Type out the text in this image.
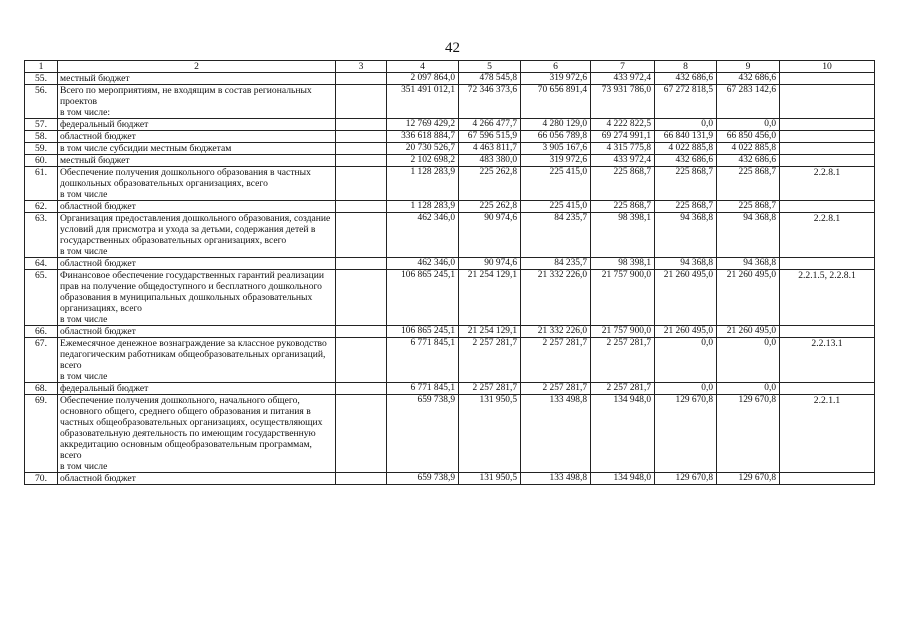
42
1	2	3	4	5	6	7	8	9	10
55.	местный бюджет		2 097 864,0	478 545,8	319 972,6	433 972,4	432 686,6	432 686,6	
56.	Всего по мероприятиям, не входящим в состав региональных проектов
в том числе:		351 491 012,1	72 346 373,6	70 656 891,4	73 931 786,0	67 272 818,5	67 283 142,6	
57.	федеральный бюджет		12 769 429,2	4 266 477,7	4 280 129,0	4 222 822,5	0,0	0,0	
58.	областной бюджет		336 618 884,7	67 596 515,9	66 056 789,8	69 274 991,1	66 840 131,9	66 850 456,0	
59.	в том числе субсидии местным бюджетам		20 730 526,7	4 463 811,7	3 905 167,6	4 315 775,8	4 022 885,8	4 022 885,8	
60.	местный бюджет		2 102 698,2	483 380,0	319 972,6	433 972,4	432 686,6	432 686,6	
61.	Обеспечение получения дошкольного образования в частных дошкольных образовательных организациях, всего
в том числе		1 128 283,9	225 262,8	225 415,0	225 868,7	225 868,7	225 868,7	2.2.8.1
62.	областной бюджет		1 128 283,9	225 262,8	225 415,0	225 868,7	225 868,7	225 868,7	
63.	Организация предоставления дошкольного образования, создание условий для присмотра и ухода за детьми, содержания детей в государственных образовательных организациях, всего
в том числе		462 346,0	90 974,6	84 235,7	98 398,1	94 368,8	94 368,8	2.2.8.1
64.	областной бюджет		462 346,0	90 974,6	84 235,7	98 398,1	94 368,8	94 368,8	
65.	Финансовое обеспечение государственных гарантий реализации прав на получение общедоступного и бесплатного дошкольного образования в муниципальных дошкольных образовательных организациях, всего
в том числе		106 865 245,1	21 254 129,1	21 332 226,0	21 757 900,0	21 260 495,0	21 260 495,0	2.2.1.5, 2.2.8.1
66.	областной бюджет		106 865 245,1	21 254 129,1	21 332 226,0	21 757 900,0	21 260 495,0	21 260 495,0	
67.	Ежемесячное денежное вознаграждение за классное руководство педагогическим работникам общеобразовательных организаций, всего
в том числе		6 771 845,1	2 257 281,7	2 257 281,7	2 257 281,7	0,0	0,0	2.2.13.1
68.	федеральный бюджет		6 771 845,1	2 257 281,7	2 257 281,7	2 257 281,7	0,0	0,0	
69.	Обеспечение получения дошкольного, начального общего, основного общего, среднего общего образования и питания в частных общеобразовательных организациях, осуществляющих образовательную деятельность по имеющим государственную аккредитацию основным общеобразовательным программам, всего
в том числе		659 738,9	131 950,5	133 498,8	134 948,0	129 670,8	129 670,8	2.2.1.1
70.	областной бюджет		659 738,9	131 950,5	133 498,8	134 948,0	129 670,8	129 670,8	
